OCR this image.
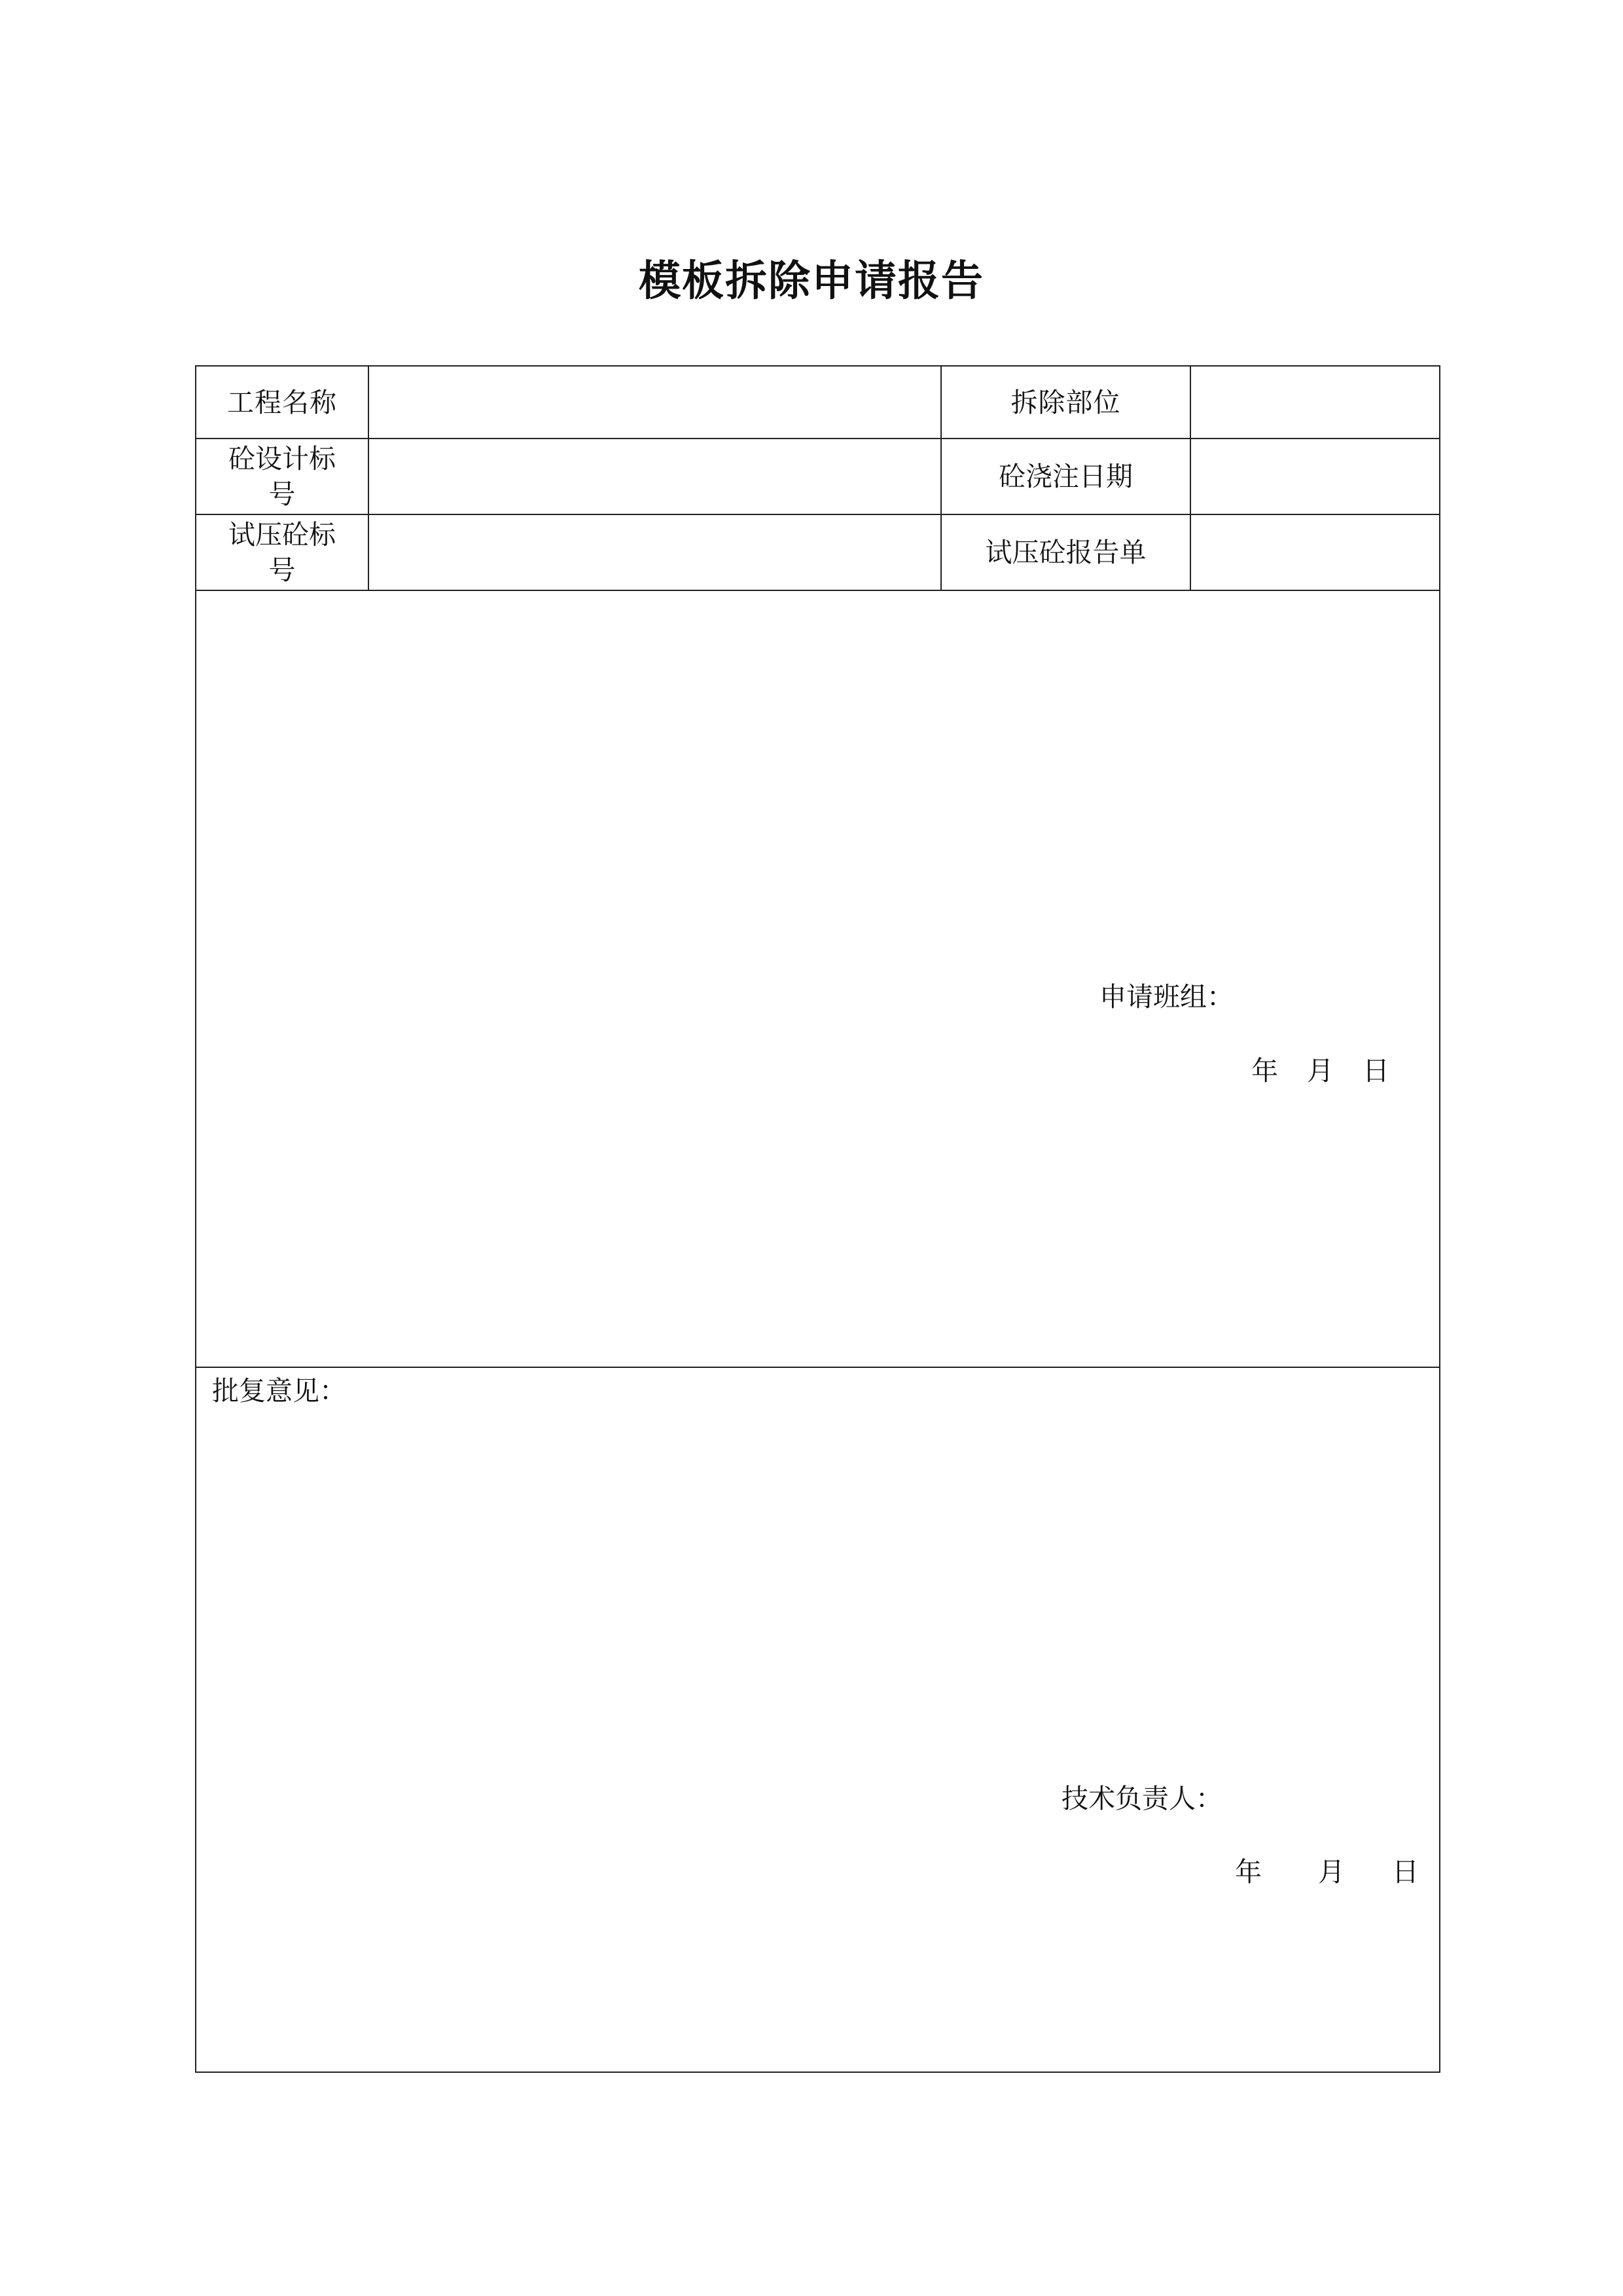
模板拆除申请报告
工程名称		拆除部位	
砼设计标号		砼浇注日期	
试压砼标号		试压砼报告单	

申请班组：
年 月 日			

批复意见：
技术负责人：
年 月 日			
